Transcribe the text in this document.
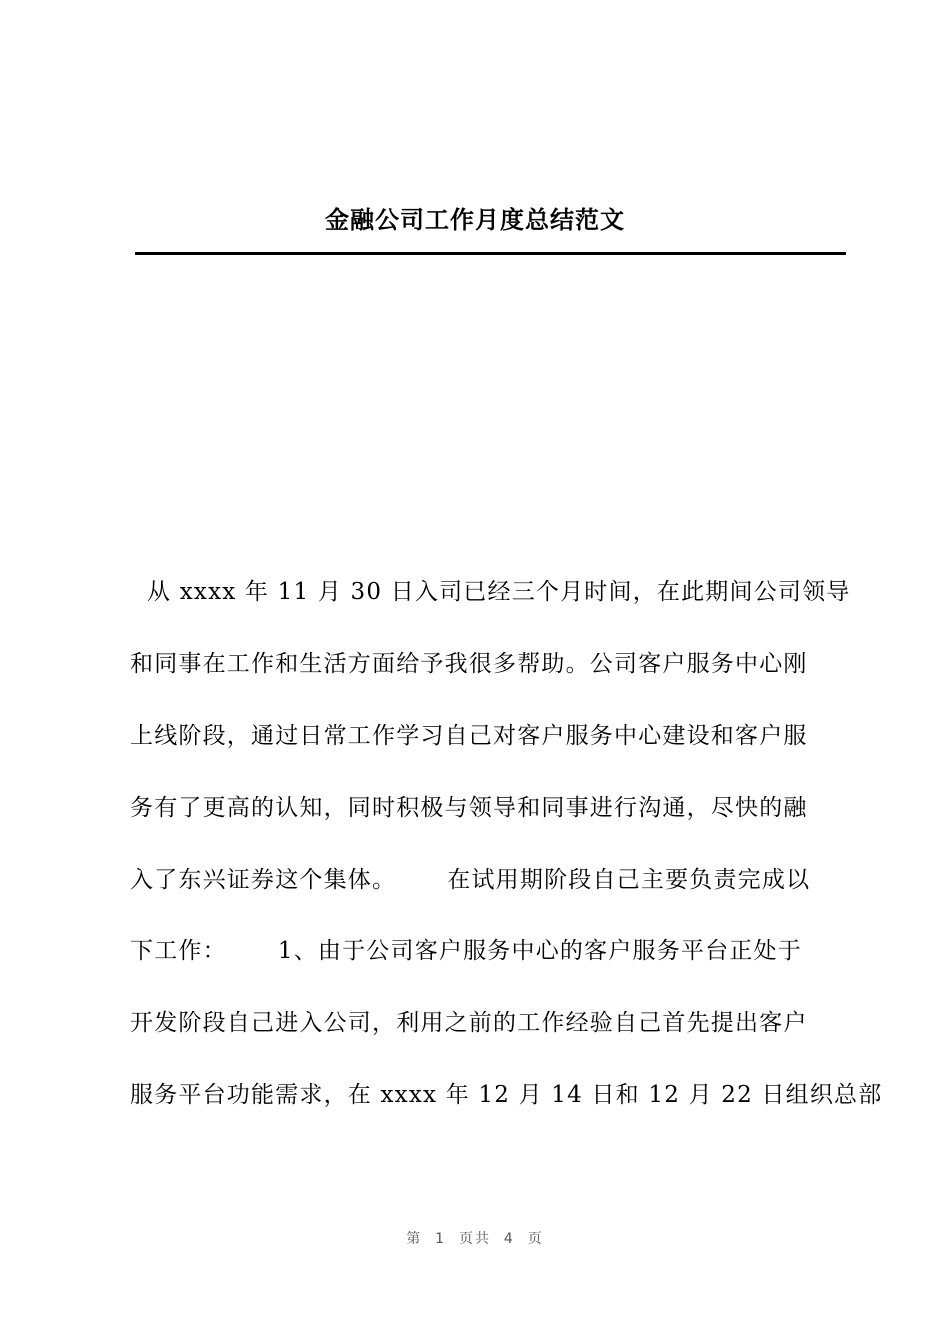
金融公司工作月度总结范文
从 xxxx 年 11 月 30 日入司已经三个月时间，在此期间公司领导
和同事在工作和生活方面给予我很多帮助。公司客户服务中心刚
上线阶段，通过日常工作学习自己对客户服务中心建设和客户服
务有了更高的认知，同时积极与领导和同事进行沟通，尽快的融
入了东兴证券这个集体。      在试用期阶段自己主要负责完成以
下工作：      1、由于公司客户服务中心的客户服务平台正处于
开发阶段自己进入公司，利用之前的工作经验自己首先提出客户
服务平台功能需求，在 xxxx 年 12 月 14 日和 12 月 22 日组织总部
第  1  页共  4  页
